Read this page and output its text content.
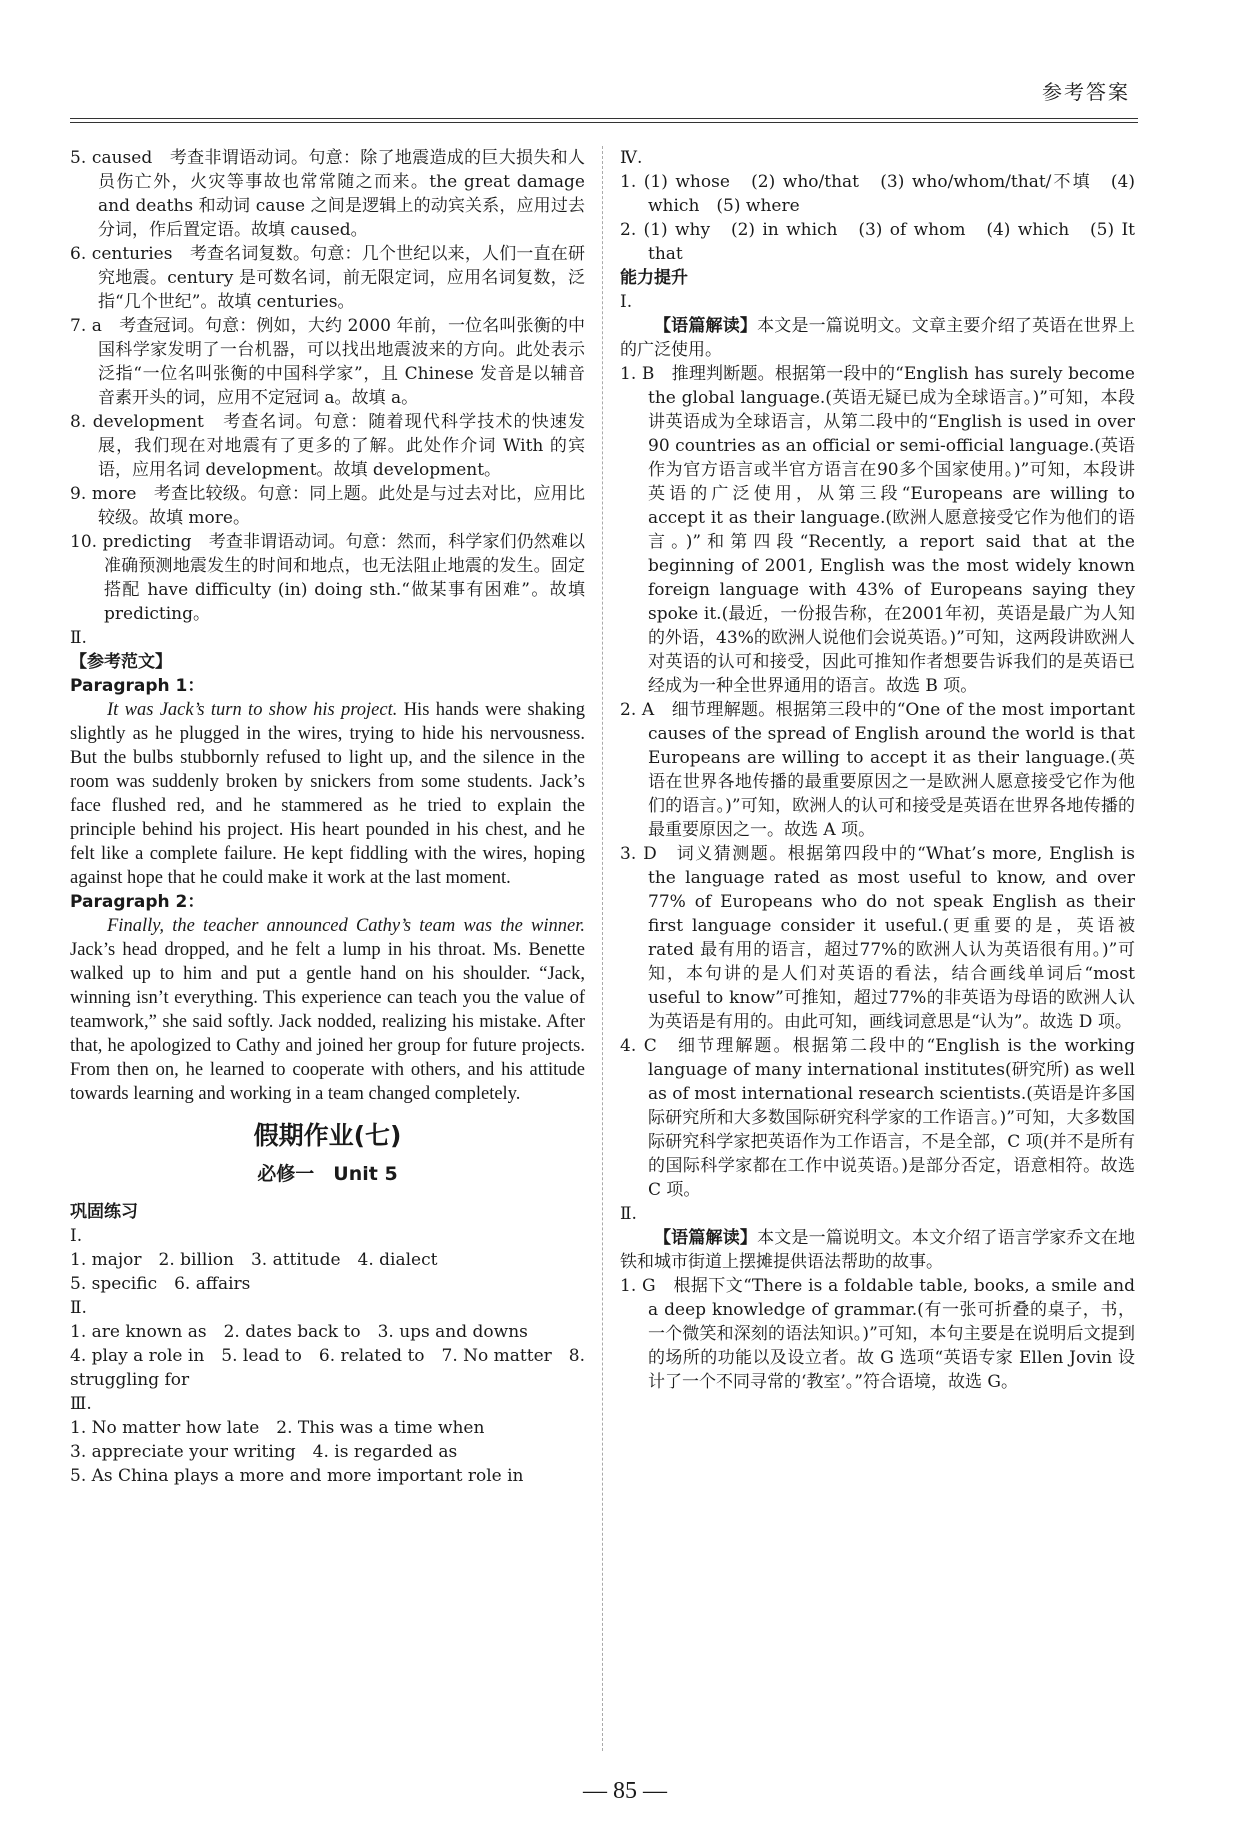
参考答案

5. caused　考查非谓语动词。句意：除了地震造成的巨大损失和人员伤亡外，火灾等事故也常常随之而来。the great damage and deaths 和动词 cause 之间是逻辑上的动宾关系，应用过去分词，作后置定语。故填 caused。

6. centuries　考查名词复数。句意：几个世纪以来，人们一直在研究地震。century 是可数名词，前无限定词，应用名词复数，泛指“几个世纪”。故填 centuries。

7. a　考查冠词。句意：例如，大约 2000 年前，一位名叫张衡的中国科学家发明了一台机器，可以找出地震波来的方向。此处表示泛指“一位名叫张衡的中国科学家”，且 Chinese 发音是以辅音音素开头的词，应用不定冠词 a。故填 a。

8. development　考查名词。句意：随着现代科学技术的快速发展，我们现在对地震有了更多的了解。此处作介词 With 的宾语，应用名词 development。故填 development。

9. more　考查比较级。句意：同上题。此处是与过去对比，应用比较级。故填 more。

10. predicting　考查非谓语动词。句意：然而，科学家们仍然难以准确预测地震发生的时间和地点，也无法阻止地震的发生。固定搭配 have difficulty (in) doing sth.“做某事有困难”。故填 predicting。

Ⅱ.

【参考范文】

Paragraph 1：

It was Jack’s turn to show his project. His hands were shaking slightly as he plugged in the wires, trying to hide his nervousness. But the bulbs stubbornly refused to light up, and the silence in the room was suddenly broken by snickers from some students. Jack’s face flushed red, and he stammered as he tried to explain the principle behind his project. His heart pounded in his chest, and he felt like a complete failure. He kept fiddling with the wires, hoping against hope that he could make it work at the last moment.

Paragraph 2：

Finally, the teacher announced Cathy’s team was the winner. Jack’s head dropped, and he felt a lump in his throat. Ms. Benette walked up to him and put a gentle hand on his shoulder. “Jack, winning isn’t everything. This experience can teach you the value of teamwork,” she said softly. Jack nodded, realizing his mistake. After that, he apologized to Cathy and joined her group for future projects. From then on, he learned to cooperate with others, and his attitude towards learning and working in a team changed completely.

假期作业(七)
必修一　Unit 5

巩固练习

Ⅰ.

1. major　2. billion　3. attitude　4. dialect

5. specific　6. affairs

Ⅱ.

1. are known as　2. dates back to　3. ups and downs

4. play a role in　5. lead to　6. related to　7. No matter　8. struggling for

Ⅲ.

1. No matter how late　2. This was a time when

3. appreciate your writing　4. is regarded as

5. As China plays a more and more important role in

Ⅳ.

1. (1) whose　(2) who/that　(3) who/whom/that/不填　(4) which　(5) where

2. (1) why　(2) in which　(3) of whom　(4) which　(5) It　that

能力提升

Ⅰ.

【语篇解读】本文是一篇说明文。文章主要介绍了英语在世界上的广泛使用。

1. B　推理判断题。根据第一段中的“English has surely become the global language.(英语无疑已成为全球语言。)”可知，本段讲英语成为全球语言，从第二段中的“English is used in over 90 countries as an official or semi-official language.(英语作为官方语言或半官方语言在90多个国家使用。)”可知，本段讲英语的广泛使用，从第三段“Europeans are willing to accept it as their language.(欧洲人愿意接受它作为他们的语言。)”和第四段“Recently, a report said that at the beginning of 2001, English was the most widely known foreign language with 43% of Europeans saying they spoke it.(最近，一份报告称，在2001年初，英语是最广为人知的外语，43%的欧洲人说他们会说英语。)”可知，这两段讲欧洲人对英语的认可和接受，因此可推知作者想要告诉我们的是英语已经成为一种全世界通用的语言。故选 B 项。

2. A　细节理解题。根据第三段中的“One of the most important causes of the spread of English around the world is that Europeans are willing to accept it as their language.(英语在世界各地传播的最重要原因之一是欧洲人愿意接受它作为他们的语言。)”可知，欧洲人的认可和接受是英语在世界各地传播的最重要原因之一。故选 A 项。

3. D　词义猜测题。根据第四段中的“What’s more, English is the language rated as most useful to know, and over 77% of Europeans who do not speak English as their first language consider it useful.(更重要的是，英语被 rated 最有用的语言，超过77%的欧洲人认为英语很有用。)”可知，本句讲的是人们对英语的看法，结合画线单词后“most useful to know”可推知，超过77%的非英语为母语的欧洲人认为英语是有用的。由此可知，画线词意思是“认为”。故选 D 项。

4. C　细节理解题。根据第二段中的“English is the working language of many international institutes(研究所) as well as of most international research scientists.(英语是许多国际研究所和大多数国际研究科学家的工作语言。)”可知，大多数国际研究科学家把英语作为工作语言，不是全部，C 项(并不是所有的国际科学家都在工作中说英语。)是部分否定，语意相符。故选 C 项。

Ⅱ.

【语篇解读】本文是一篇说明文。本文介绍了语言学家乔文在地铁和城市街道上摆摊提供语法帮助的故事。

1. G　根据下文“There is a foldable table, books, a smile and a deep knowledge of grammar.(有一张可折叠的桌子，书，一个微笑和深刻的语法知识。)”可知，本句主要是在说明后文提到的场所的功能以及设立者。故 G 选项“英语专家 Ellen Jovin 设计了一个不同寻常的‘教室’。”符合语境，故选 G。

— 85 —
